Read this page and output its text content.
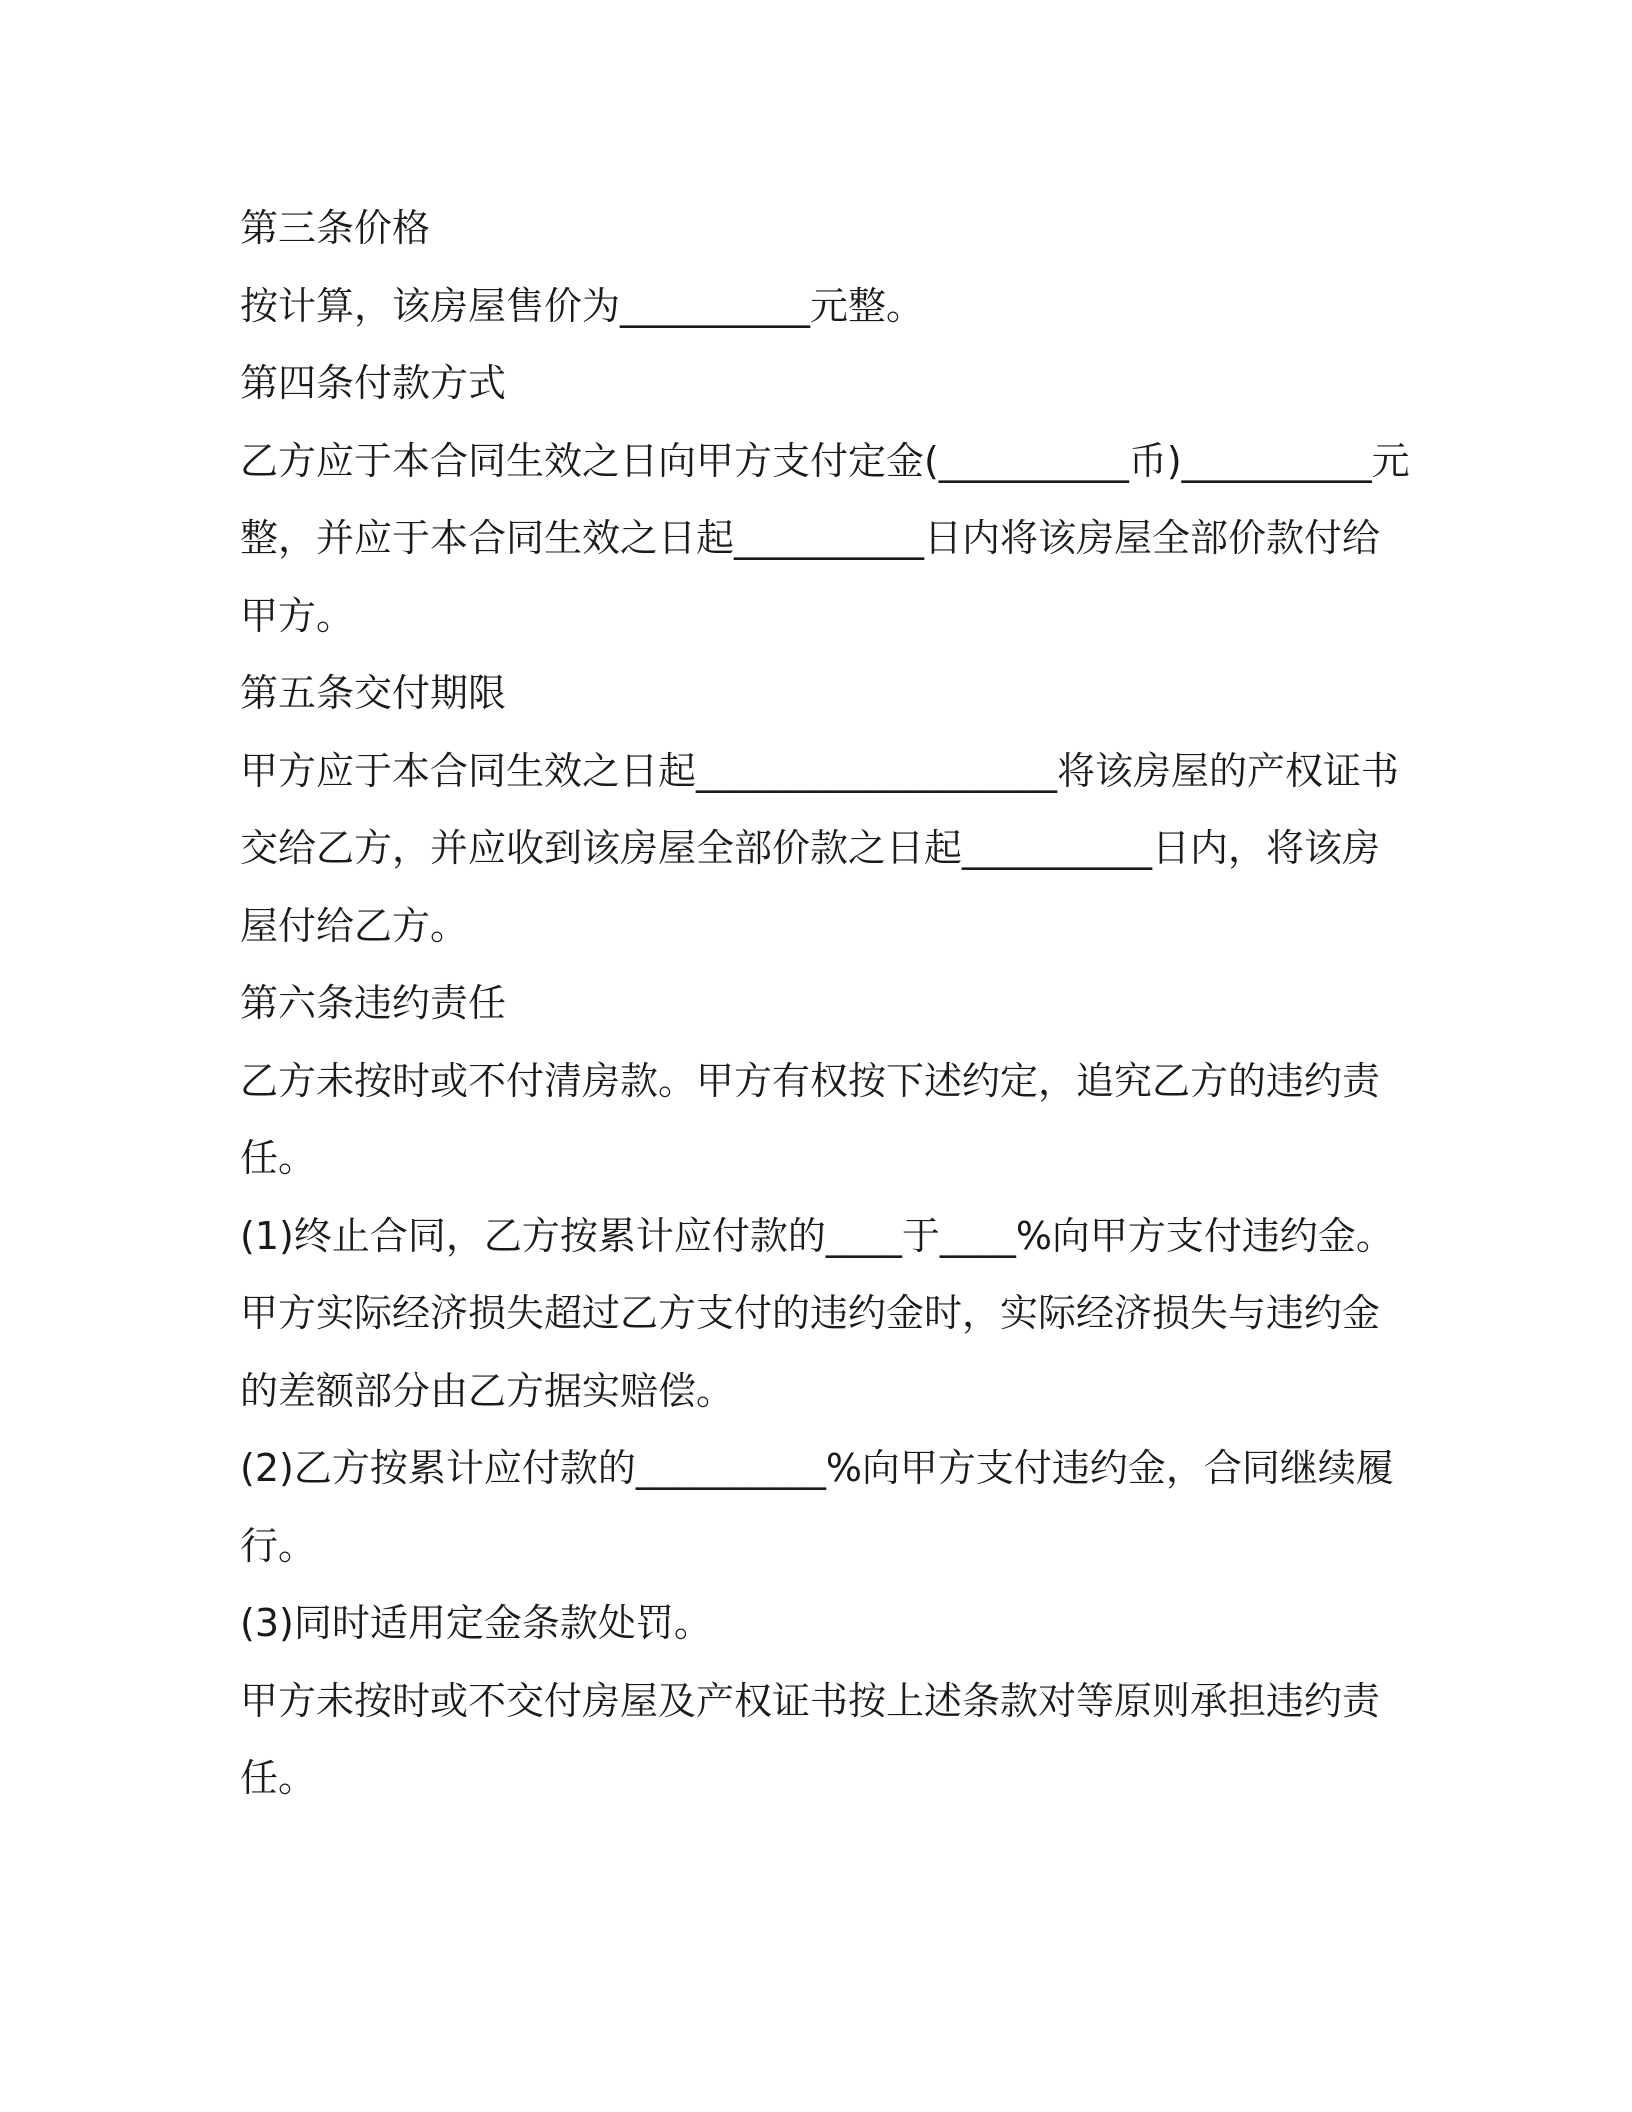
第三条价格
按计算，该房屋售价为__________元整。
第四条付款方式
乙方应于本合同生效之日向甲方支付定金(__________币)__________元
整，并应于本合同生效之日起__________日内将该房屋全部价款付给
甲方。
第五条交付期限
甲方应于本合同生效之日起___________________将该房屋的产权证书
交给乙方，并应收到该房屋全部价款之日起__________日内，将该房
屋付给乙方。
第六条违约责任
乙方未按时或不付清房款。甲方有权按下述约定，追究乙方的违约责
任。
(1)终止合同，乙方按累计应付款的____于____%向甲方支付违约金。
甲方实际经济损失超过乙方支付的违约金时，实际经济损失与违约金
的差额部分由乙方据实赔偿。
(2)乙方按累计应付款的__________%向甲方支付违约金，合同继续履
行。
(3)同时适用定金条款处罚。
甲方未按时或不交付房屋及产权证书按上述条款对等原则承担违约责
任。
